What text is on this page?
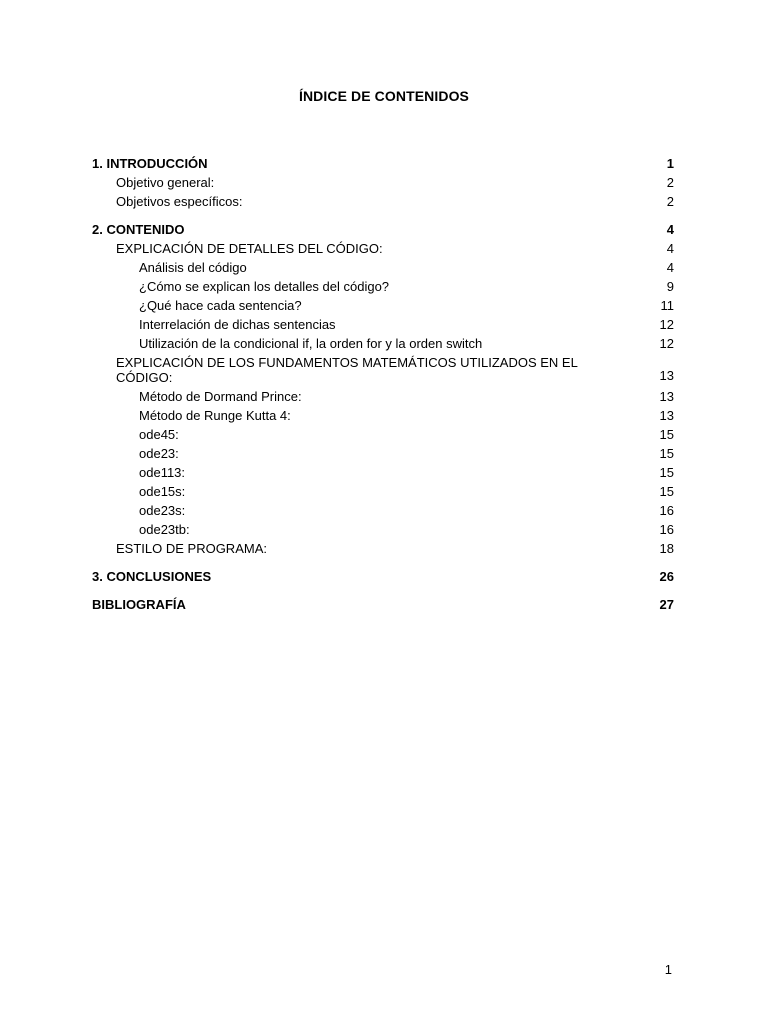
ÍNDICE DE CONTENIDOS
1. INTRODUCCIÓN	1
Objetivo general:	2
Objetivos específicos:	2
2. CONTENIDO	4
EXPLICACIÓN DE DETALLES DEL CÓDIGO:	4
Análisis del código	4
¿Cómo se explican los detalles del código?	9
¿Qué hace cada sentencia?	11
Interrelación de dichas sentencias	12
Utilización de la condicional if, la orden for y la orden switch	12
EXPLICACIÓN DE LOS FUNDAMENTOS MATEMÁTICOS UTILIZADOS EN EL CÓDIGO:	13
Método de Dormand Prince:	13
Método de Runge Kutta 4:	13
ode45:	15
ode23:	15
ode113:	15
ode15s:	15
ode23s:	16
ode23tb:	16
ESTILO DE PROGRAMA:	18
3. CONCLUSIONES	26
BIBLIOGRAFÍA	27
1
